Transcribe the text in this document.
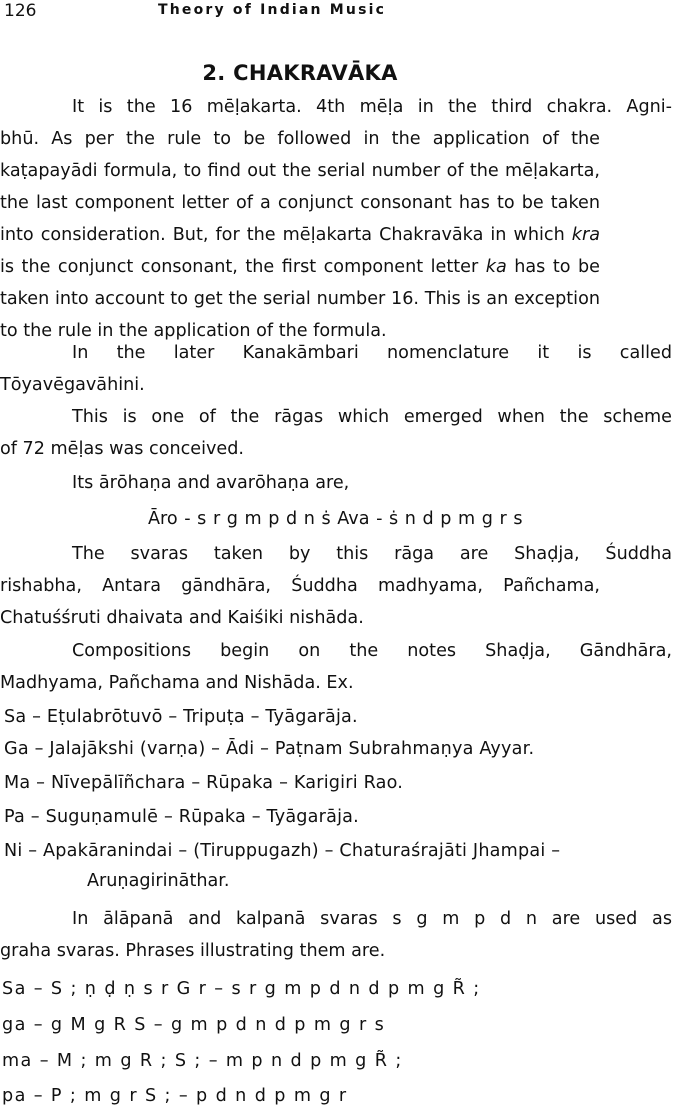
126	Theory of Indian Music
2. CHAKRAVĀKA
It is the 16 mēḷakarta. 4th mēḷa in the third chakra. Agni-
bhū. As per the rule to be followed in the application of the
kaṭapayādi formula, to find out the serial number of the mēḷakarta,
the last component letter of a conjunct consonant has to be taken
into consideration. But, for the mēḷakarta Chakravāka in which kra
is the conjunct consonant, the first component letter ka has to be
taken into account to get the serial number 16. This is an exception
to the rule in the application of the formula.
In the later Kanakāmbari nomenclature it is called
Tōyavēgavāhini.
This is one of the rāgas which emerged when the scheme
of 72 mēḷas was conceived.
Its ārōhaṇa and avarōhaṇa are,
Āro - s r g m p d n ṡ Ava - ṡ n d p m g r s
The svaras taken by this rāga are Shaḍja, Śuddha
rishabha, Antara gāndhāra, Śuddha madhyama, Pañchama,
Chatuśśruti dhaivata and Kaiśiki nishāda.
Compositions begin on the notes Shaḍja, Gāndhāra,
Madhyama, Pañchama and Nishāda. Ex.
Sa – Eṭulabrōtuvō – Tripuṭa – Tyāgarāja.
Ga – Jalajākshi (varṇa) – Ādi – Paṭnam Subrahmaṇya Ayyar.
Ma – Nīvepālīñchara – Rūpaka – Karigiri Rao.
Pa – Suguṇamulē – Rūpaka – Tyāgarāja.
Ni – Apakāranindai – (Tiruppugazh) – Chaturaśrajāti Jhampai –
Aruṇagirināthar.
In ālāpanā and kalpanā svaras s g m p d n are used as
graha svaras. Phrases illustrating them are.
Sa – S ; ṇ ḍ ṇ s r G r – s r g m p d n d p m g R̃ ;
ga – g M g R S – g m p d n d p m g r s
ma – M ; m g R ; S ; – m p n d p m g R̃ ;
pa – P ; m g r S ; – p d n d p m g r
